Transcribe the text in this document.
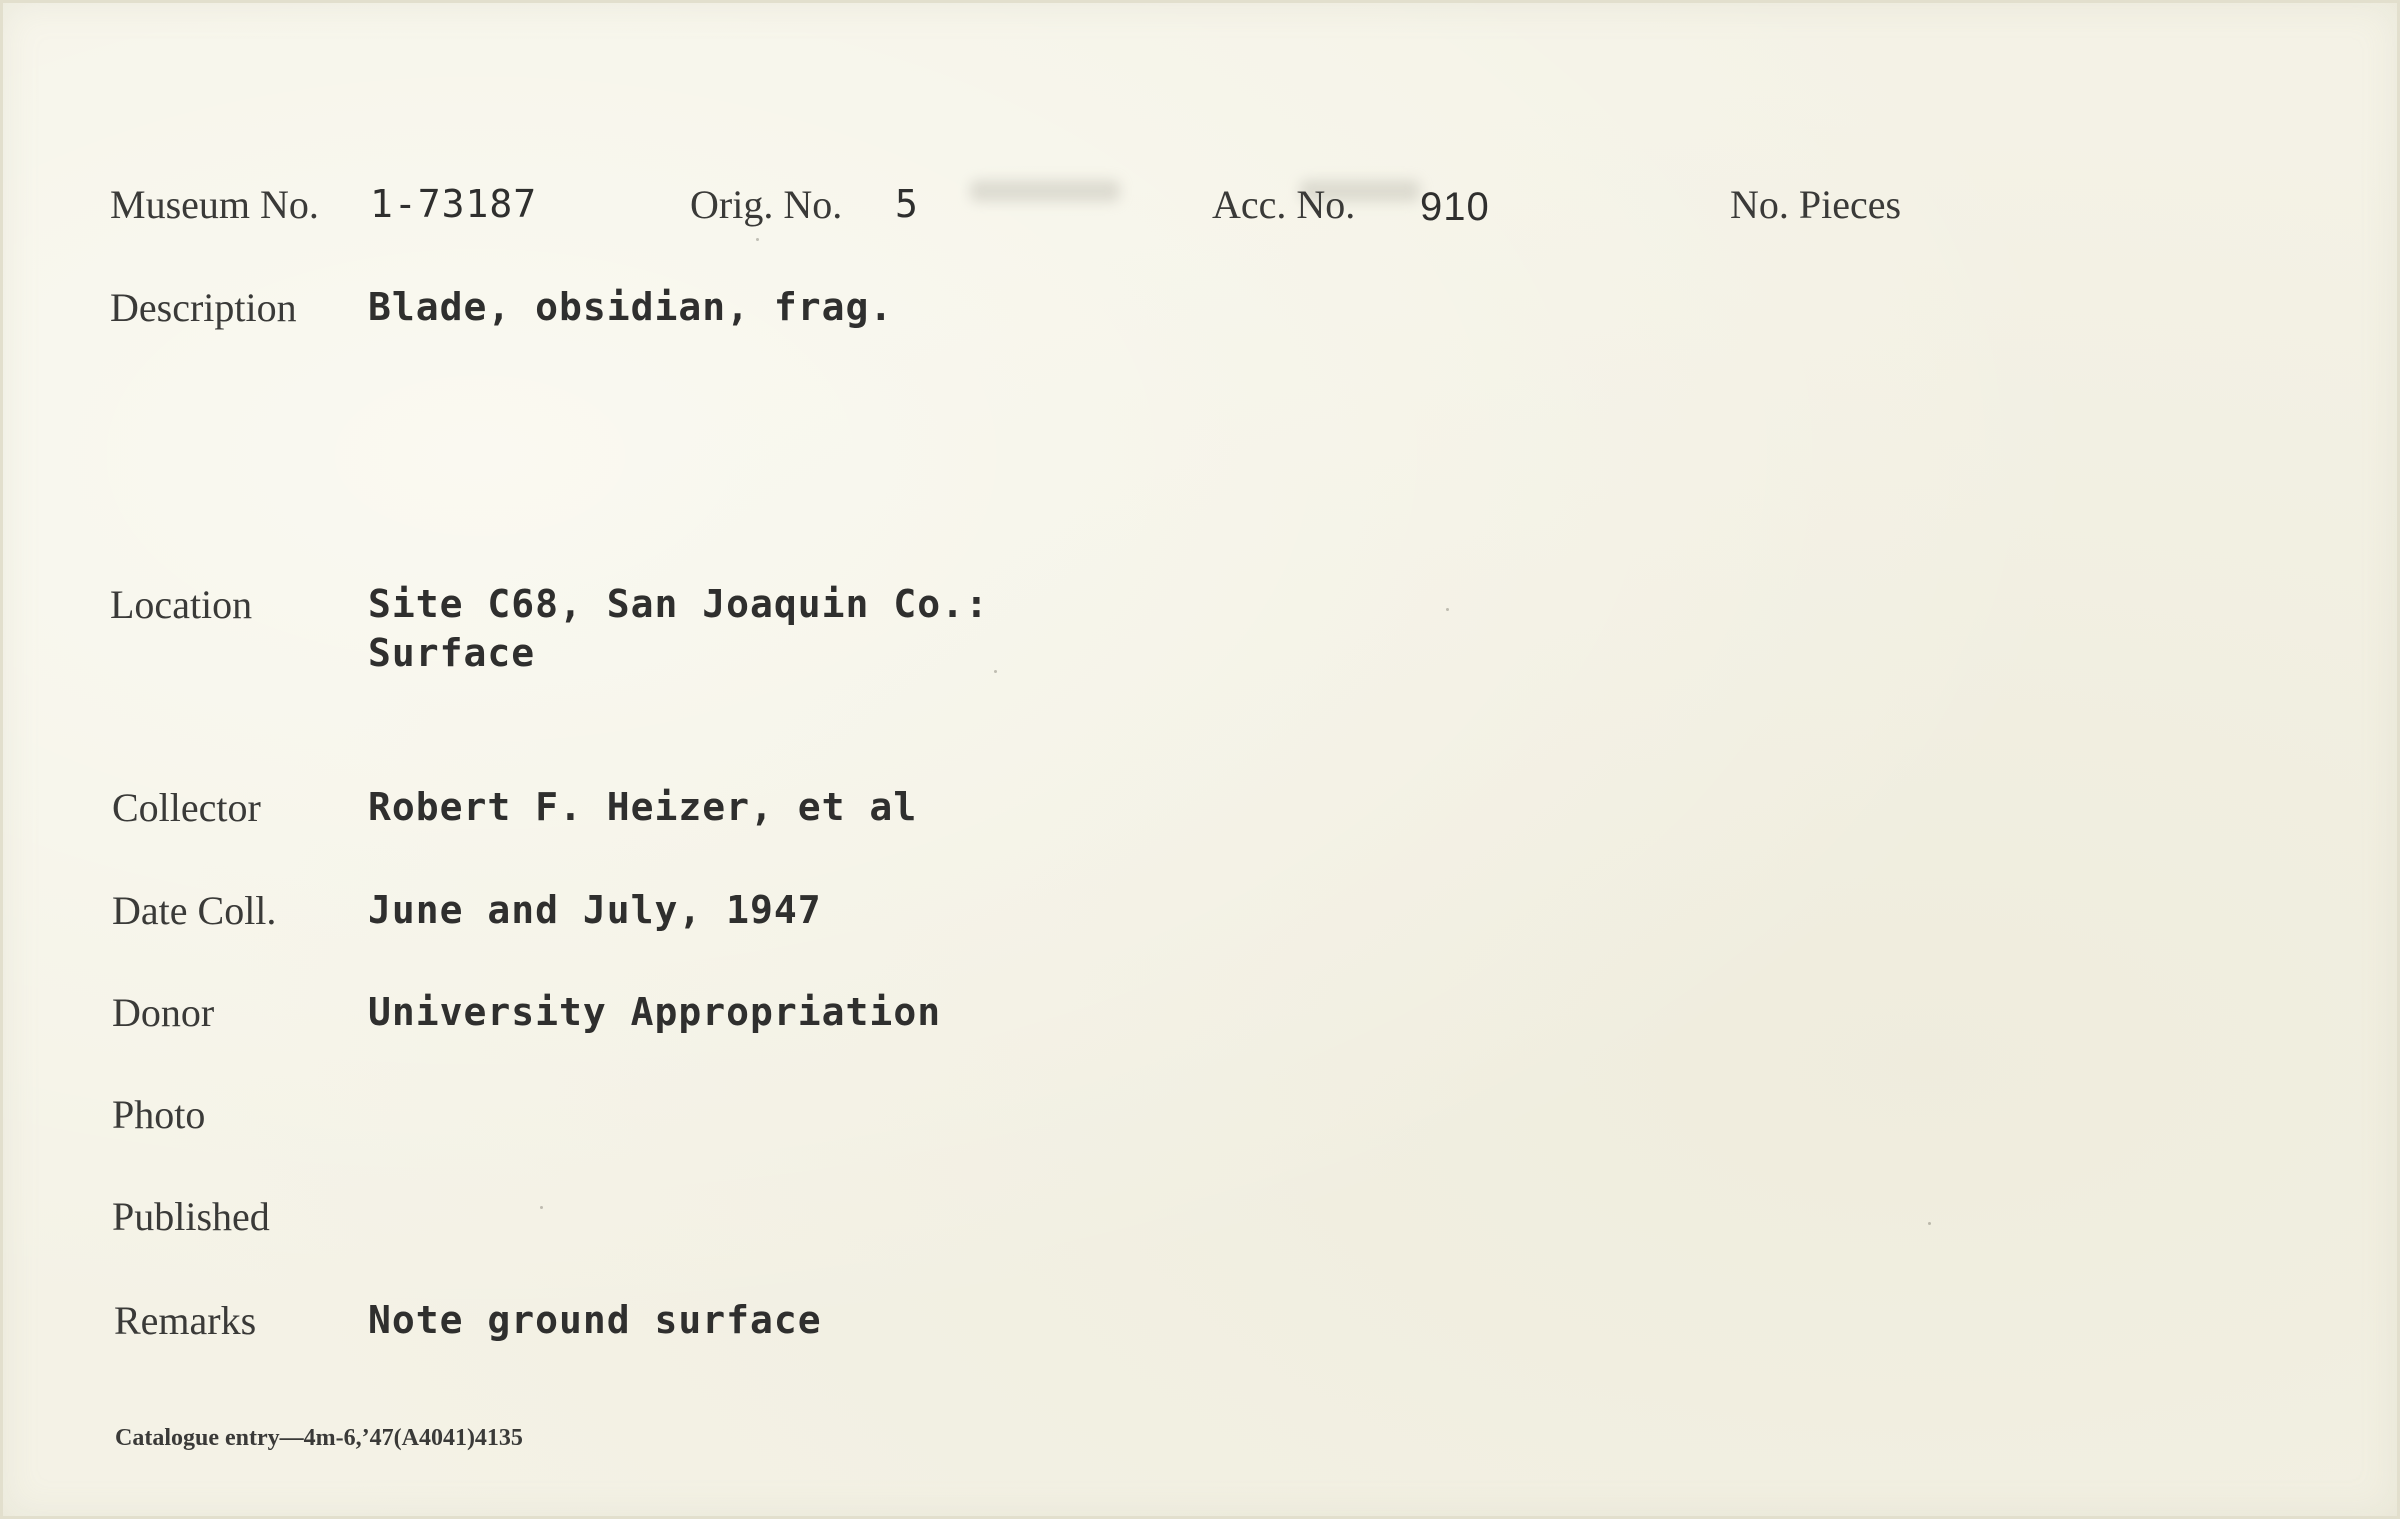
Museum No. 1-73187	Orig. No. 5	Acc. No. 910	No. Pieces
Description Blade, obsidian, frag.
Location	Site C68, San Joaquin Co.:
Surface
Collector	Robert F. Heizer, et al
Date Coll. June and July, 1947
Donor	University Appropriation
Photo
Published
Remarks	Note ground surface
Catalogue entry—4m-6,’47(A4041)4135
